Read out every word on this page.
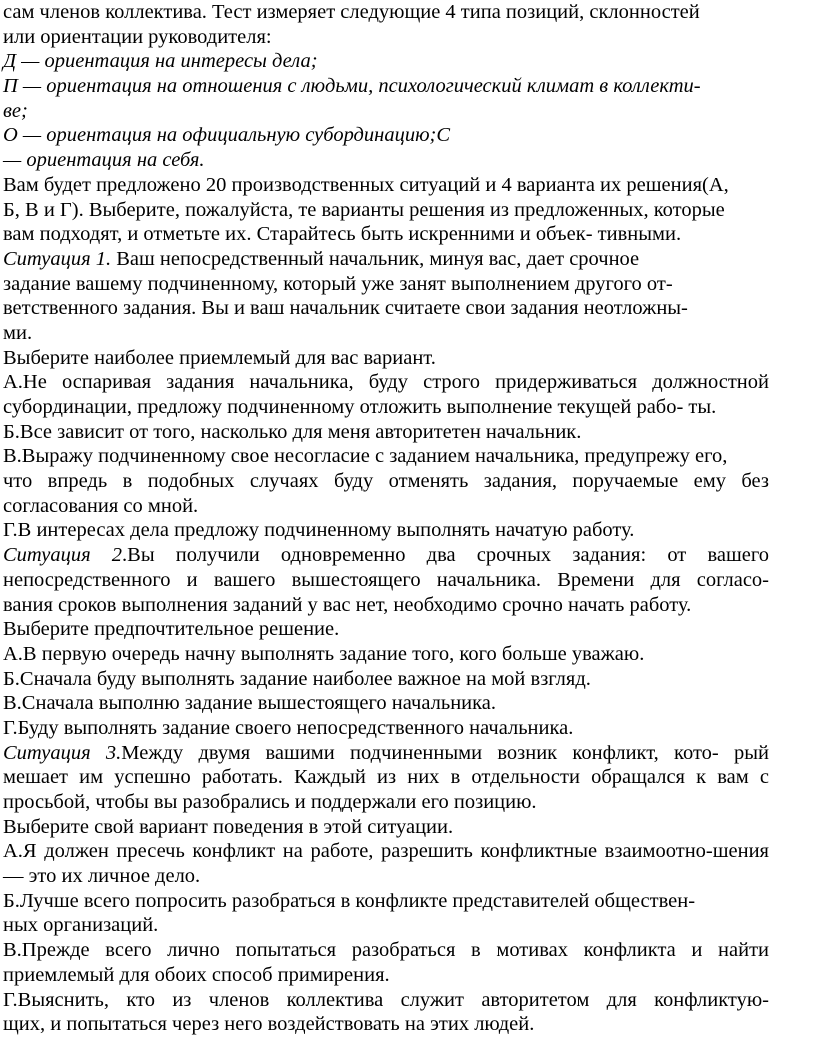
сам членов коллектива. Тест измеряет следующие 4 типа позиций, склонностей
или ориентации руководителя:
Д — ориентация на интересы дела;
П — ориентация на отношения с людьми, психологический климат в коллекти-
ве;
О — ориентация на официальную субординацию;С
— ориентация на себя.
Вам будет предложено 20 производственных ситуаций и 4 варианта их решения(А,
Б, В и Г). Выберите, пожалуйста, те варианты решения из предложенных, которые
вам подходят, и отметьте их. Старайтесь быть искренними и объек- тивными.
Ситуация 1. Ваш непосредственный начальник, минуя вас, дает срочное
задание вашему подчиненному, который уже занят выполнением другого от-
ветственного задания. Вы и ваш начальник считаете свои задания неотложны-
ми.
Выберите наиболее приемлемый для вас вариант.
А.Не оспаривая задания начальника, буду строго придерживаться должностной
субординации, предложу подчиненному отложить выполнение текущей рабо- ты.
Б.Все зависит от того, насколько для меня авторитетен начальник.
В.Выражу подчиненному свое несогласие с заданием начальника, предупрежу его,
что впредь в подобных случаях буду отменять задания, поручаемые ему без
согласования со мной.
Г.В интересах дела предложу подчиненному выполнять начатую работу.
Ситуация 2.Вы получили одновременно два срочных задания: от вашего
непосредственного и вашего вышестоящего начальника. Времени для согласо-
вания сроков выполнения заданий у вас нет, необходимо срочно начать работу.
Выберите предпочтительное решение.
А.В первую очередь начну выполнять задание того, кого больше уважаю.
Б.Сначала буду выполнять задание наиболее важное на мой взгляд.
В.Сначала выполню задание вышестоящего начальника.
Г.Буду выполнять задание своего непосредственного начальника.
Ситуация 3.Между двумя вашими подчиненными возник конфликт, кото- рый
мешает им успешно работать. Каждый из них в отдельности обращался к вам с
просьбой, чтобы вы разобрались и поддержали его позицию.
Выберите свой вариант поведения в этой ситуации.
А.Я должен пресечь конфликт на работе, разрешить конфликтные взаимоотно-шения
— это их личное дело.
Б.Лучше всего попросить разобраться в конфликте представителей обществен-
ных организаций.
В.Прежде всего лично попытаться разобраться в мотивах конфликта и найти
приемлемый для обоих способ примирения.
Г.Выяснить, кто из членов коллектива служит авторитетом для конфликтую-
щих, и попытаться через него воздействовать на этих людей.
